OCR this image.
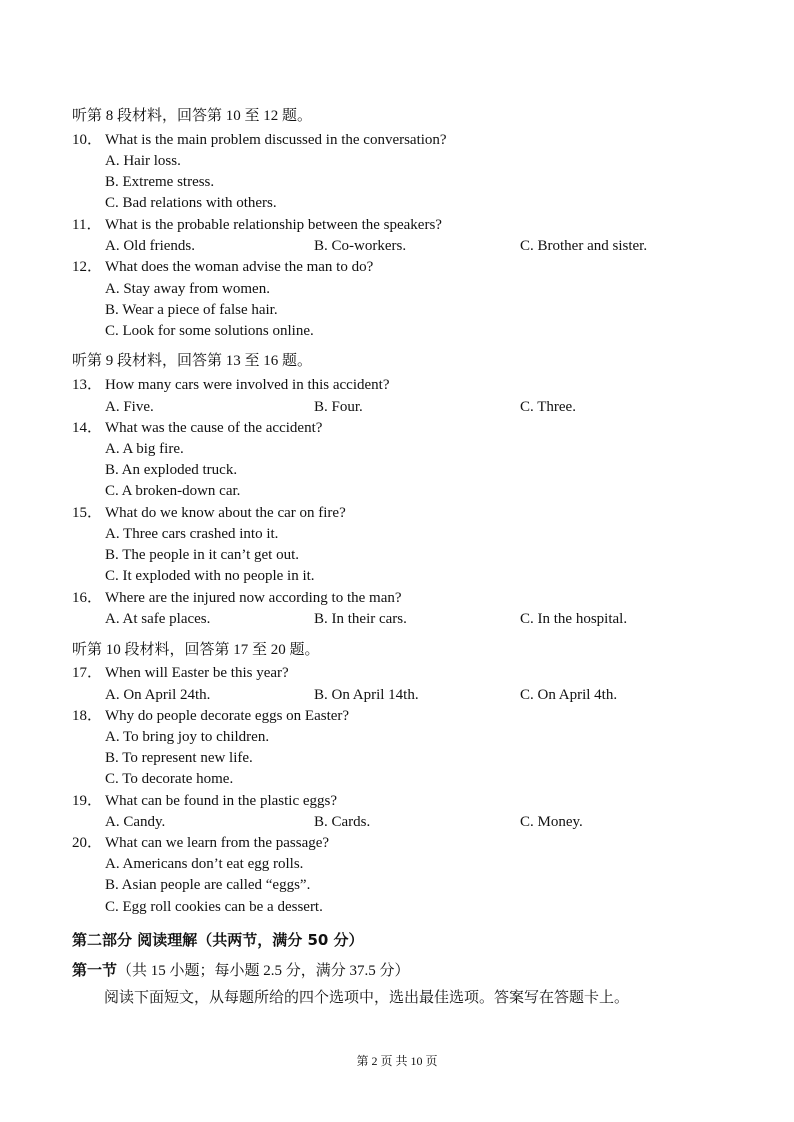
听第 8 段材料，回答第 10 至 12 题。
10． What is the main problem discussed in the conversation?
A. Hair loss.
B. Extreme stress.
C. Bad relations with others.
11． What is the probable relationship between the speakers?
A. Old friends.	B. Co-workers.	C. Brother and sister.
12． What does the woman advise the man to do?
A. Stay away from women.
B. Wear a piece of false hair.
C. Look for some solutions online.
听第 9 段材料，回答第 13 至 16 题。
13． How many cars were involved in this accident?
A. Five.	B. Four.	C. Three.
14． What was the cause of the accident?
A. A big fire.
B. An exploded truck.
C. A broken-down car.
15． What do we know about the car on fire?
A. Three cars crashed into it.
B. The people in it can’t get out.
C. It exploded with no people in it.
16． Where are the injured now according to the man?
A. At safe places.	B. In their cars.	C. In the hospital.
听第 10 段材料，回答第 17 至 20 题。
17． When will Easter be this year?
A. On April 24th.	B. On April 14th.	C. On April 4th.
18． Why do people decorate eggs on Easter?
A. To bring joy to children.
B. To represent new life.
C. To decorate home.
19． What can be found in the plastic eggs?
A. Candy.	B. Cards.	C. Money.
20． What can we learn from the passage?
A. Americans don’t eat egg rolls.
B. Asian people are called “eggs”.
C. Egg roll cookies can be a dessert.
第二部分 阅读理解（共两节，满分 50 分）
第一节（共 15 小题；每小题 2.5 分，满分 37.5 分）
阅读下面短文，从每题所给的四个选项中，选出最佳选项。答案写在答题卡上。
第 2 页 共 10 页
